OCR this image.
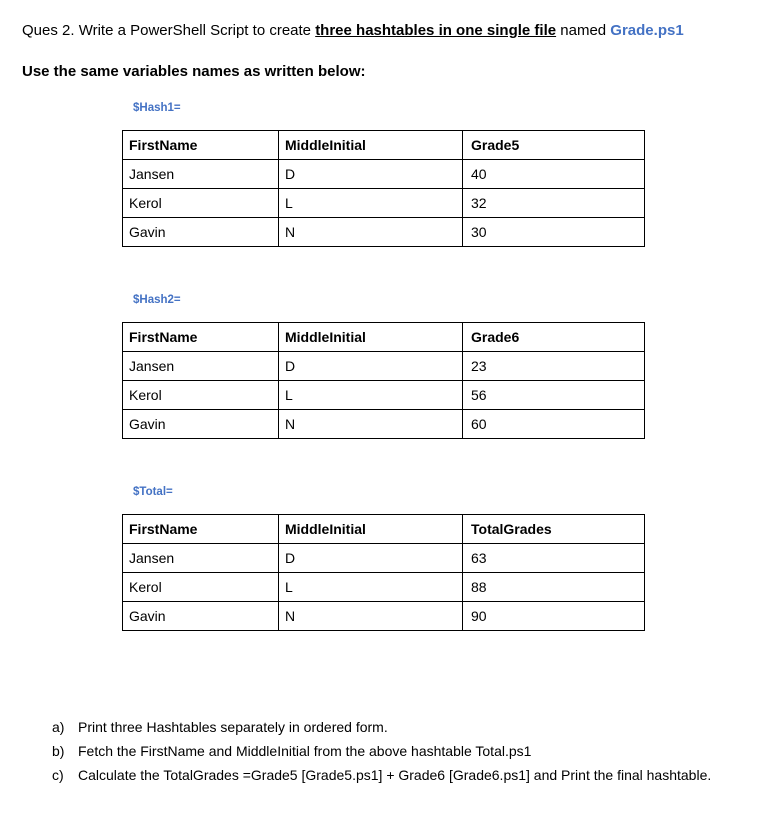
Ques 2. Write a PowerShell Script to create three hashtables in one single file named Grade.ps1
Use the same variables names as written below:
$Hash1=
FirstName	MiddleInitial	Grade5
Jansen	D	40
Kerol	L	32
Gavin	N	30
$Hash2=
FirstName	MiddleInitial	Grade6
Jansen	D	23
Kerol	L	56
Gavin	N	60
$Total=
FirstName	MiddleInitial	TotalGrades
Jansen	D	63
Kerol	L	88
Gavin	N	90
a) Print three Hashtables separately in ordered form.
b) Fetch the FirstName and MiddleInitial from the above hashtable Total.ps1
c) Calculate the TotalGrades =Grade5 [Grade5.ps1] + Grade6 [Grade6.ps1] and Print the final hashtable.
